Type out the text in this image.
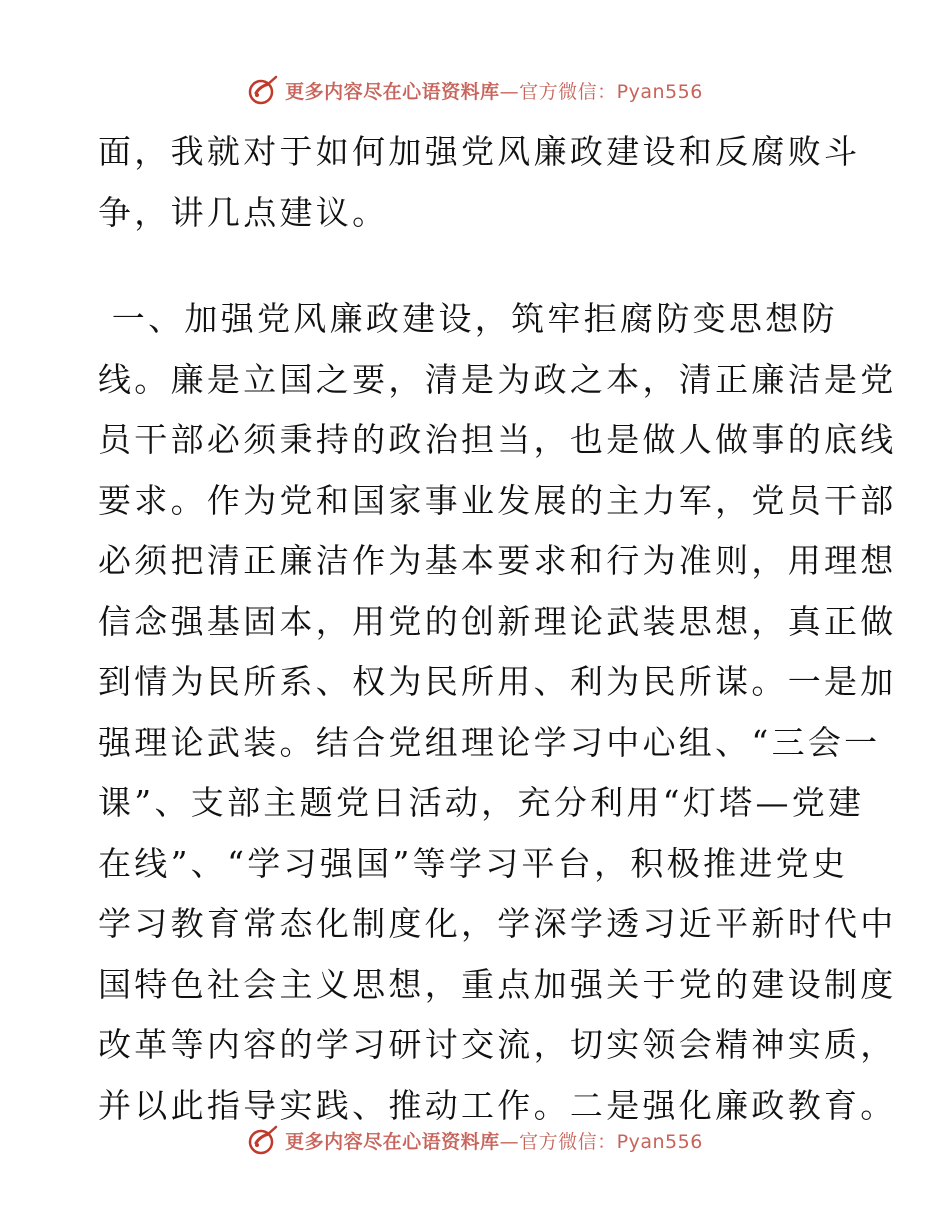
更多内容尽在心语资料库—官方微信：Pyan556
面，我就对于如何加强党风廉政建设和反腐败斗
争，讲几点建议。
一、加强党风廉政建设，筑牢拒腐防变思想防
线。廉是立国之要，清是为政之本，清正廉洁是党
员干部必须秉持的政治担当，也是做人做事的底线
要求。作为党和国家事业发展的主力军，党员干部
必须把清正廉洁作为基本要求和行为准则，用理想
信念强基固本，用党的创新理论武装思想，真正做
到情为民所系、权为民所用、利为民所谋。一是加
强理论武装。结合党组理论学习中心组、“三会一
课”、支部主题党日活动，充分利用“灯塔—党建
在线”、“学习强国”等学习平台，积极推进党史
学习教育常态化制度化，学深学透习近平新时代中
国特色社会主义思想，重点加强关于党的建设制度
改革等内容的学习研讨交流，切实领会精神实质，
并以此指导实践、推动工作。二是强化廉政教育。
更多内容尽在心语资料库—官方微信：Pyan556
